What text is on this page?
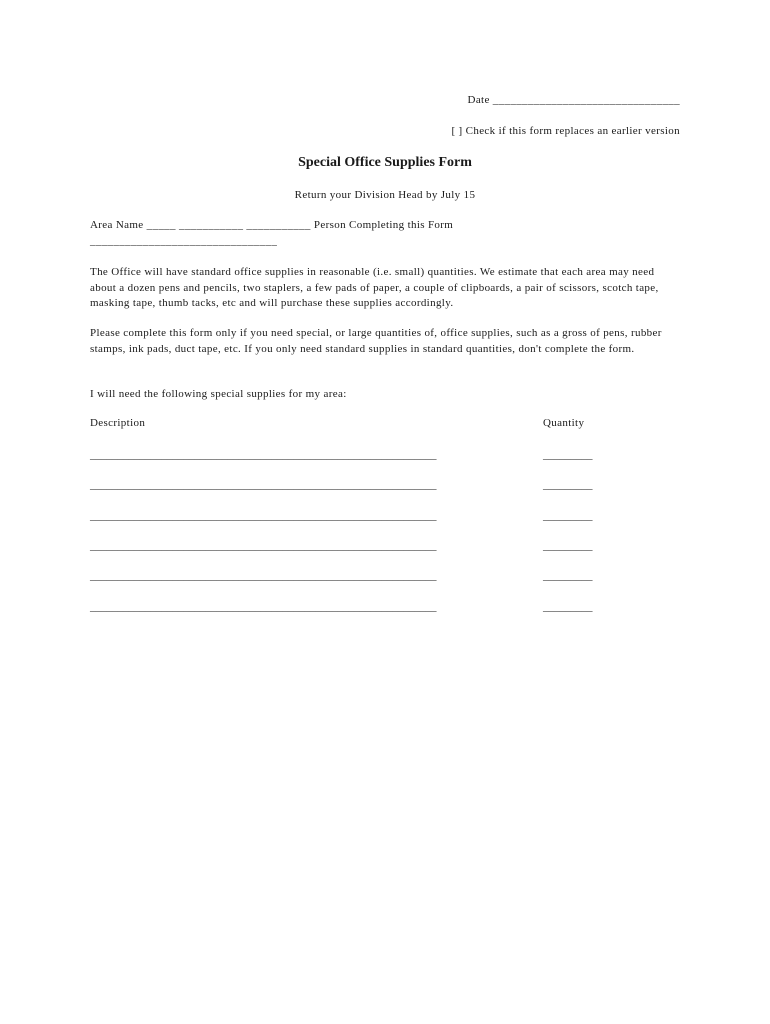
Date ________________________________
[ ] Check if this form replaces an earlier version
Special Office Supplies Form
Return your Division Head by July 15
Area Name _____ ___________ ___________ Person Completing this Form
________________________________
The Office will have standard office supplies in reasonable (i.e. small) quantities. We estimate that each area may need about a dozen pens and pencils, two staplers, a few pads of paper, a couple of clipboards, a pair of scissors, scotch tape, masking tape, thumb tacks, etc and will purchase these supplies accordingly.
Please complete this form only if you need special, or large quantities of, office supplies, such as a gross of pens, rubber stamps, ink pads, duct tape, etc. If you only need standard supplies in standard quantities, don't complete the form.
I will need the following special supplies for my area:
Description	Quantity
_______________________________________________________________	_________
_______________________________________________________________	_________
_______________________________________________________________	_________
_______________________________________________________________	_________
_______________________________________________________________	_________
_______________________________________________________________	_________
